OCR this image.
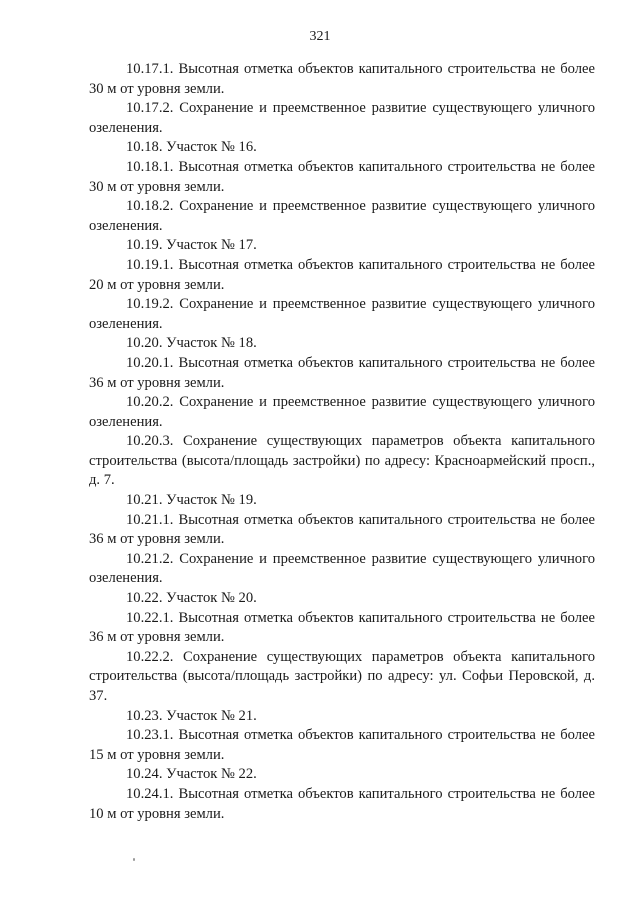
321

10.17.1. Высотная отметка объектов капитального строительства не более 30 м от уровня земли.

10.17.2. Сохранение и преемственное развитие существующего уличного озеленения.

10.18. Участок № 16.

10.18.1. Высотная отметка объектов капитального строительства не более 30 м от уровня земли.

10.18.2. Сохранение и преемственное развитие существующего уличного озеленения.

10.19. Участок № 17.

10.19.1. Высотная отметка объектов капитального строительства не более 20 м от уровня земли.

10.19.2. Сохранение и преемственное развитие существующего уличного озеленения.

10.20. Участок № 18.

10.20.1. Высотная отметка объектов капитального строительства не более 36 м от уровня земли.

10.20.2. Сохранение и преемственное развитие существующего уличного озеленения.

10.20.3. Сохранение существующих параметров объекта капитального строительства (высота/площадь застройки) по адресу: Красноармейский просп., д. 7.

10.21. Участок № 19.

10.21.1. Высотная отметка объектов капитального строительства не более 36 м от уровня земли.

10.21.2. Сохранение и преемственное развитие существующего уличного озеленения.

10.22. Участок № 20.

10.22.1. Высотная отметка объектов капитального строительства не более 36 м от уровня земли.

10.22.2. Сохранение существующих параметров объекта капитального строительства (высота/площадь застройки) по адресу: ул. Софьи Перовской, д. 37.

10.23. Участок № 21.

10.23.1. Высотная отметка объектов капитального строительства не более 15 м от уровня земли.

10.24. Участок № 22.

10.24.1. Высотная отметка объектов капитального строительства не более 10 м от уровня земли.
